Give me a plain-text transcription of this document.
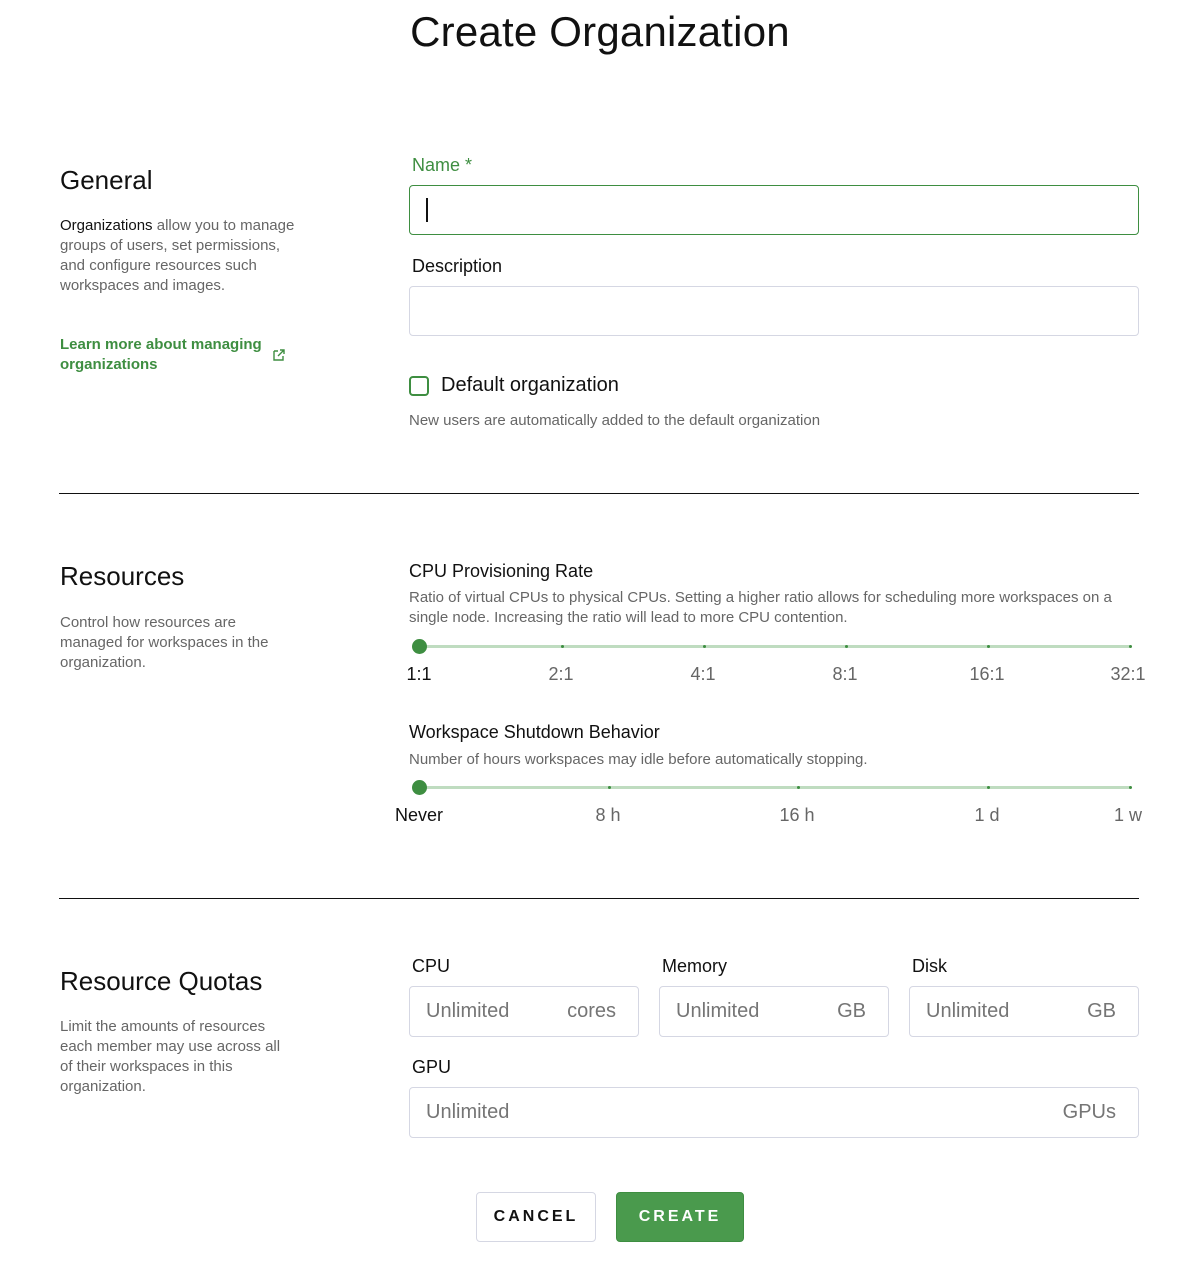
Create Organization
General
Organizations allow you to manage groups of users, set permissions, and configure resources such workspaces and images.
Learn more about managing organizations
Name *
Description
Default organization
New users are automatically added to the default organization
Resources
Control how resources are managed for workspaces in the organization.
CPU Provisioning Rate
Ratio of virtual CPUs to physical CPUs. Setting a higher ratio allows for scheduling more workspaces on a single node. Increasing the ratio will lead to more CPU contention.
1:1	2:1	4:1	8:1	16:1	32:1
Workspace Shutdown Behavior
Number of hours workspaces may idle before automatically stopping.
Never	8 h	16 h	1 d	1 w
Resource Quotas
Limit the amounts of resources each member may use across all of their workspaces in this organization.
CPU
Unlimited	cores
Memory
Unlimited	GB
Disk
Unlimited	GB
GPU
Unlimited	GPUs
CANCEL	CREATE
